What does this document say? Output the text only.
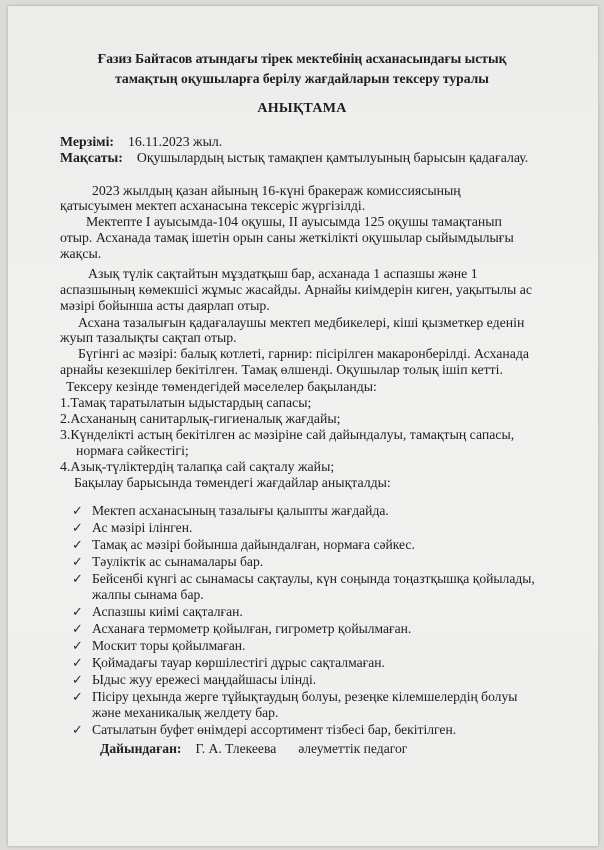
Ғазиз Байтасов атындағы тірек мектебінің асханасындағы ыстық
тамақтың оқушыларға берілу жағдайларын тексеру туралы
АНЫҚТАМА
Мерзімі: 16.11.2023 жыл.
Мақсаты: Оқушылардың ыстық тамақпен қамтылуының барысын қадағалау.
2023 жылдың қазан айының 16-күні бракераж комиссиясының
қатысуымен мектеп асханасына тексеріс жүргізілді.
Мектепте І ауысымда-104 оқушы, ІІ ауысымда 125 оқушы тамақтанып
отыр. Асханада тамақ ішетін орын саны жеткілікті оқушылар сыйымдылығы
жақсы.
Азық түлік сақтайтын мұздатқыш бар, асханада 1 аспазшы және 1
аспазшының көмекшісі жұмыс жасайды. Арнайы киімдерін киген, уақытылы ас
мәзірі бойынша асты даярлап отыр.
Асхана тазалығын қадағалаушы мектеп медбикелері, кіші қызметкер еденін
жуып тазалықты сақтап отыр.
Бүгінгі ас мәзірі: балық котлеті, гарнир: пісірілген макаронберілді. Асханада
арнайы кезекшілер бекітілген. Тамақ өлшенді. Оқушылар толық ішіп кетті.
Тексеру кезінде төмендегідей мәселелер бақыланды:
1.Тамақ таратылатын ыдыстардың сапасы;
2.Асхананың санитарлық-гигиеналық жағдайы;
3.Күнделікті астың бекітілген ас мәзіріне сай дайындалуы, тамақтың сапасы,
нормаға сәйкестігі;
4.Азық-түліктердің талапқа сай сақталу жайы;
Бақылау барысында төмендегі жағдайлар анықталды:
✓ Мектеп асханасының тазалығы қалыпты жағдайда.
✓ Ас мәзірі ілінген.
✓ Тамақ ас мәзірі бойынша дайындалған, нормаға сәйкес.
✓ Тәуліктік ас сынамалары бар.
✓ Бейсенбі күнгі ас сынамасы сақтаулы, күн соңында тоңазтқышқа қойылады,
жалпы сынама бар.
✓ Аспазшы киімі сақталған.
✓ Асханаға термометр қойылған, гигрометр қойылмаған.
✓ Москит торы қойылмаған.
✓ Қоймадағы тауар көршілестігі дұрыс сақталмаған.
✓ Ыдыс жуу ережесі маңдайшасы ілінді.
✓ Пісіру цехында жерге тұйықтаудың болуы, резеңке кілемшелердің болуы
және механикалық желдету бар.
✓ Сатылатын буфет өнімдері ассортимент тізбесі бар, бекітілген.
Дайындаған: Г. А. Тлекеева әлеуметтік педагог
